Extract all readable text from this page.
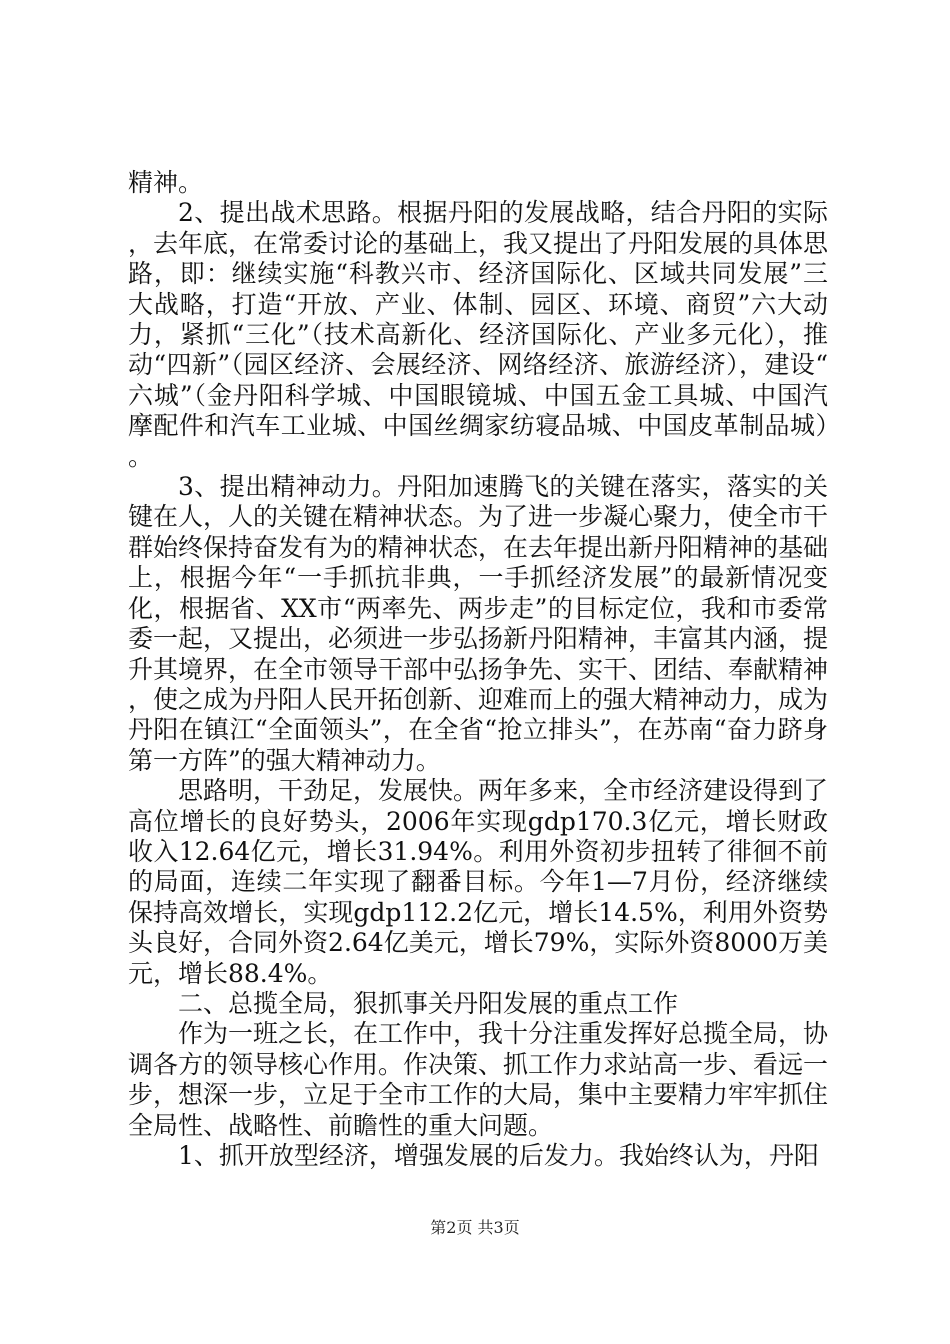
精神。

2、提出战术思路。根据丹阳的发展战略，结合丹阳的实际，去年底，在常委讨论的基础上，我又提出了丹阳发展的具体思路，即：继续实施“科教兴市、经济国际化、区域共同发展”三大战略，打造“开放、产业、体制、园区、环境、商贸”六大动力，紧抓“三化”（技术高新化、经济国际化、产业多元化），推动“四新”（园区经济、会展经济、网络经济、旅游经济），建设“六城”（金丹阳科学城、中国眼镜城、中国五金工具城、中国汽摩配件和汽车工业城、中国丝绸家纺寝品城、中国皮革制品城）。

3、提出精神动力。丹阳加速腾飞的关键在落实，落实的关键在人，人的关键在精神状态。为了进一步凝心聚力，使全市干群始终保持奋发有为的精神状态，在去年提出新丹阳精神的基础上，根据今年“一手抓抗非典，一手抓经济发展”的最新情况变化，根据省、XX市“两率先、两步走”的目标定位，我和市委常委一起，又提出，必须进一步弘扬新丹阳精神，丰富其内涵，提升其境界，在全市领导干部中弘扬争先、实干、团结、奉献精神，使之成为丹阳人民开拓创新、迎难而上的强大精神动力，成为丹阳在镇江“全面领头”，在全省“抢立排头”，在苏南“奋力跻身第一方阵”的强大精神动力。

思路明，干劲足，发展快。两年多来，全市经济建设得到了高位增长的良好势头，2006年实现gdp170.3亿元，增长财政收入12.64亿元，增长31.94%。利用外资初步扭转了徘徊不前的局面，连续二年实现了翻番目标。今年1—7月份，经济继续保持高效增长，实现gdp112.2亿元，增长14.5%，利用外资势头良好，合同外资2.64亿美元，增长79%，实际外资8000万美元，增长88.4%。

二、总揽全局，狠抓事关丹阳发展的重点工作

作为一班之长，在工作中，我十分注重发挥好总揽全局，协调各方的领导核心作用。作决策、抓工作力求站高一步、看远一步，想深一步，立足于全市工作的大局，集中主要精力牢牢抓住全局性、战略性、前瞻性的重大问题。

1、抓开放型经济，增强发展的后发力。我始终认为，丹阳

第2页 共3页
